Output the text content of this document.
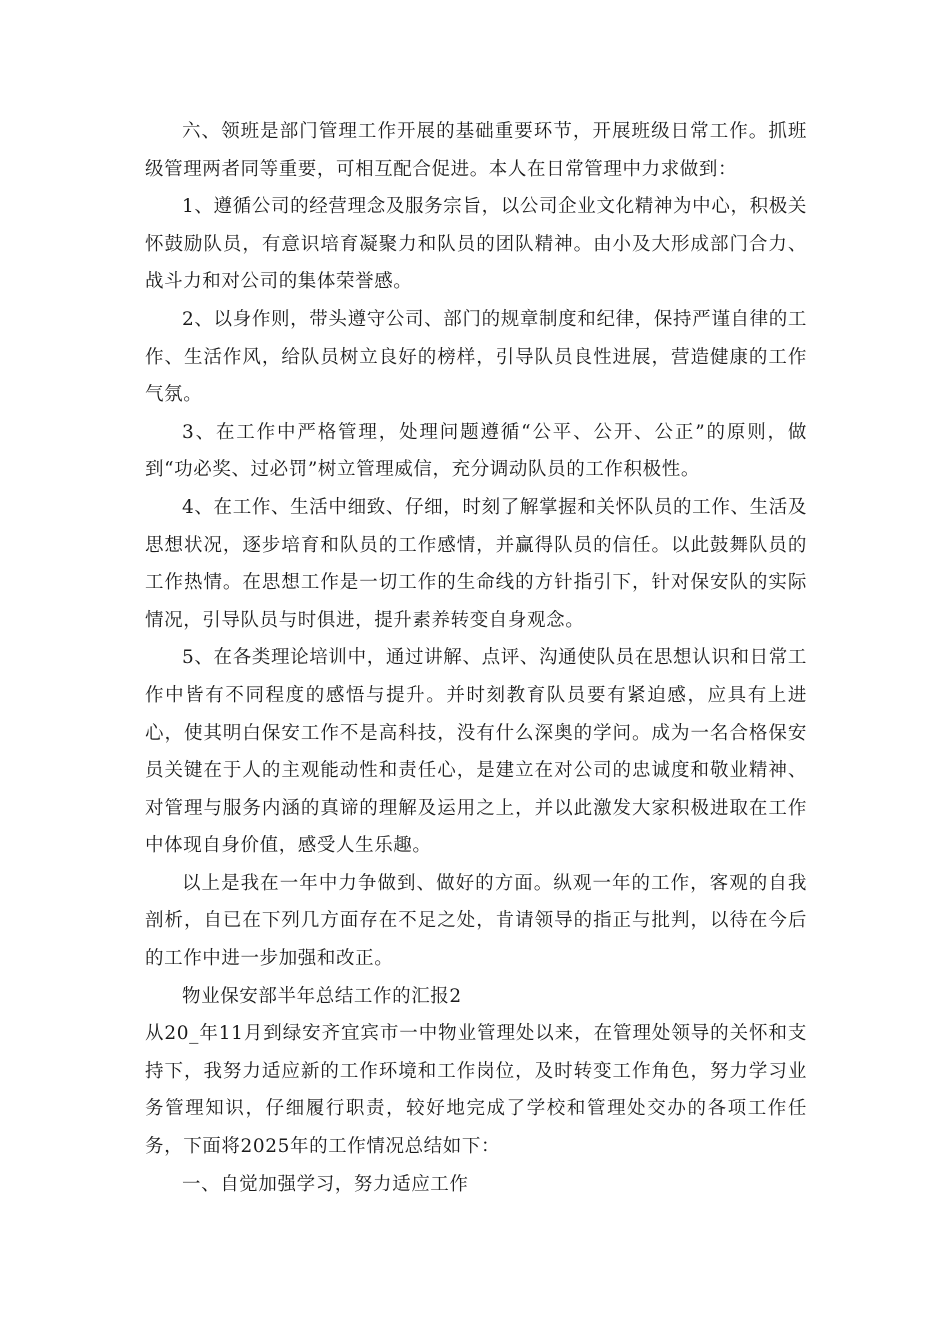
六、领班是部门管理工作开展的基础重要环节，开展班级日常工作。抓班级管理两者同等重要，可相互配合促进。本人在日常管理中力求做到：

1、遵循公司的经营理念及服务宗旨，以公司企业文化精神为中心，积极关怀鼓励队员，有意识培育凝聚力和队员的团队精神。由小及大形成部门合力、战斗力和对公司的集体荣誉感。

2、以身作则，带头遵守公司、部门的规章制度和纪律，保持严谨自律的工作、生活作风，给队员树立良好的榜样，引导队员良性进展，营造健康的工作气氛。

3、在工作中严格管理，处理问题遵循“公平、公开、公正”的原则，做到“功必奖、过必罚”树立管理威信，充分调动队员的工作积极性。

4、在工作、生活中细致、仔细，时刻了解掌握和关怀队员的工作、生活及思想状况，逐步培育和队员的工作感情，并赢得队员的信任。以此鼓舞队员的工作热情。在思想工作是一切工作的生命线的方针指引下，针对保安队的实际情况，引导队员与时俱进，提升素养转变自身观念。

5、在各类理论培训中，通过讲解、点评、沟通使队员在思想认识和日常工作中皆有不同程度的感悟与提升。并时刻教育队员要有紧迫感，应具有上进心，使其明白保安工作不是高科技，没有什么深奥的学问。成为一名合格保安员关键在于人的主观能动性和责任心，是建立在对公司的忠诚度和敬业精神、对管理与服务内涵的真谛的理解及运用之上，并以此激发大家积极进取在工作中体现自身价值，感受人生乐趣。

以上是我在一年中力争做到、做好的方面。纵观一年的工作，客观的自我剖析，自已在下列几方面存在不足之处，肯请领导的指正与批判，以待在今后的工作中进一步加强和改正。

物业保安部半年总结工作的汇报2

从20_年11月到绿安齐宜宾市一中物业管理处以来，在管理处领导的关怀和支持下，我努力适应新的工作环境和工作岗位，及时转变工作角色，努力学习业务管理知识，仔细履行职责，较好地完成了学校和管理处交办的各项工作任务，下面将2025年的工作情况总结如下：

一、自觉加强学习，努力适应工作
